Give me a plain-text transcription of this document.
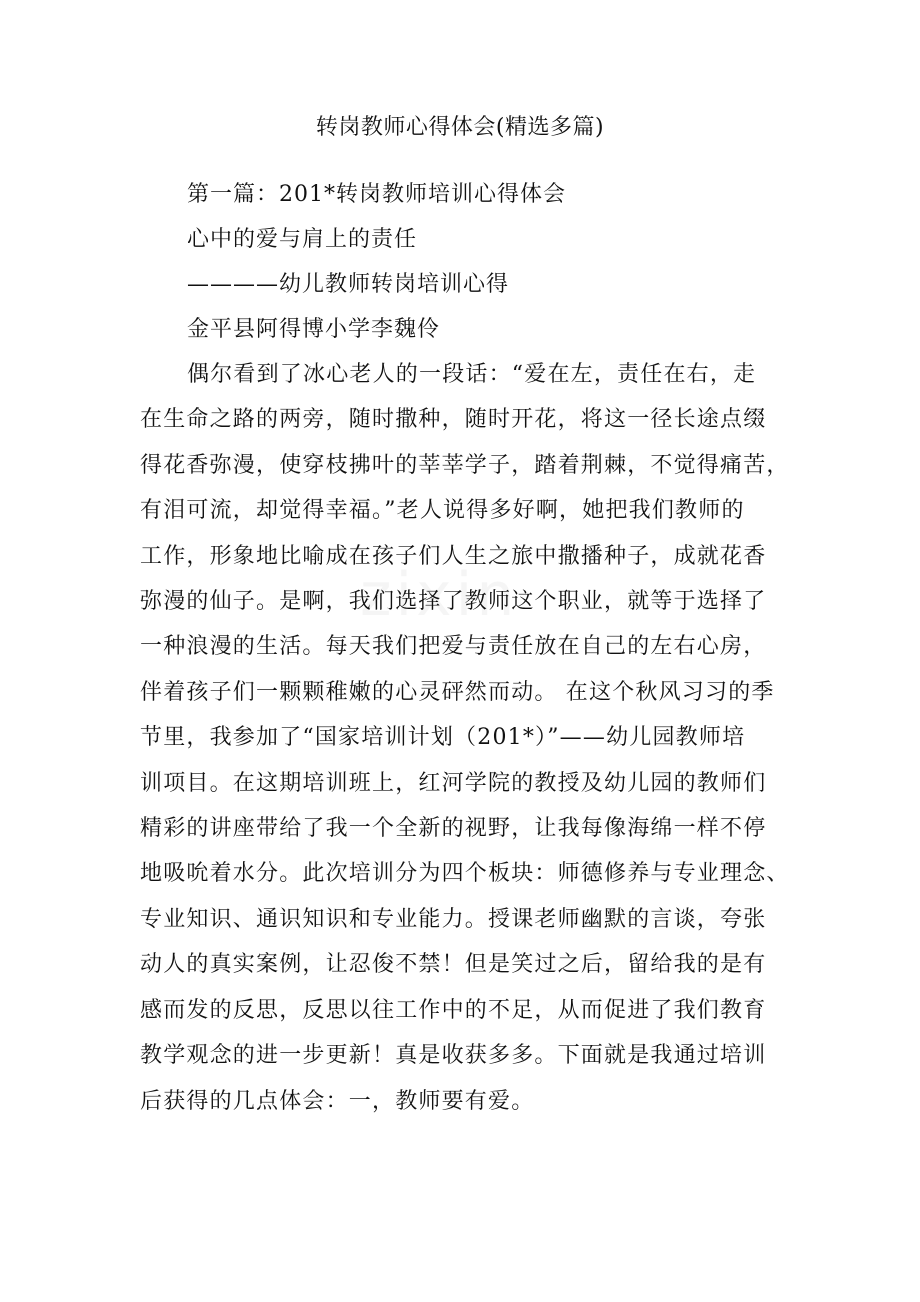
转岗教师心得体会(精选多篇)
第一篇：201*转岗教师培训心得体会
心中的爱与肩上的责任
————幼儿教师转岗培训心得
金平县阿得博小学李魏伶
偶尔看到了冰心老人的一段话：“爱在左，责任在右，走
在生命之路的两旁，随时撒种，随时开花，将这一径长途点缀
得花香弥漫，使穿枝拂叶的莘莘学子，踏着荆棘，不觉得痛苦，
有泪可流，却觉得幸福。”老人说得多好啊，她把我们教师的
工作，形象地比喻成在孩子们人生之旅中撒播种子，成就花香
弥漫的仙子。是啊，我们选择了教师这个职业，就等于选择了
一种浪漫的生活。每天我们把爱与责任放在自己的左右心房，
伴着孩子们一颗颗稚嫩的心灵砰然而动。 在这个秋风习习的季
节里，我参加了“国家培训计划（201*）”——幼儿园教师培
训项目。在这期培训班上，红河学院的教授及幼儿园的教师们
精彩的讲座带给了我一个全新的视野，让我每像海绵一样不停
地吸吮着水分。此次培训分为四个板块：师德修养与专业理念、
专业知识、通识知识和专业能力。授课老师幽默的言谈，夸张
动人的真实案例，让忍俊不禁！但是笑过之后，留给我的是有
感而发的反思，反思以往工作中的不足，从而促进了我们教育
教学观念的进一步更新！真是收获多多。下面就是我通过培训
后获得的几点体会：一，教师要有爱。
